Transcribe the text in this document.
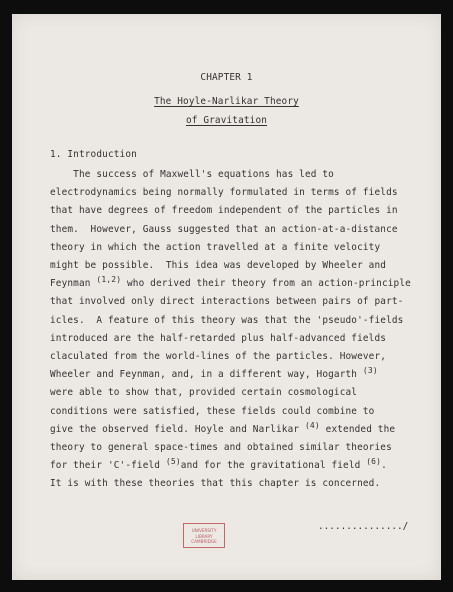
CHAPTER 1
The Hoyle-Narlikar Theory
of Gravitation
1. Introduction
The success of Maxwell's equations has led to
electrodynamics being normally formulated in terms of fields
that have degrees of freedom independent of the particles in
them.  However, Gauss suggested that an action-at-a-distance
theory in which the action travelled at a finite velocity
might be possible.  This idea was developed by Wheeler and
Feynman $^{(1,2)}$ who derived their theory from an action-principle
that involved only direct interactions between pairs of part-
icles.  A feature of this theory was that the 'pseudo'-fields
introduced are the half-retarded plus half-advanced fields
claculated from the world-lines of the particles. However,
Wheeler and Feynman, and, in a different way, Hogarth $^{(3)}$
were able to show that, provided certain cosmological
conditions were satisfied, these fields could combine to
give the observed field. Hoyle and Narlikar $^{(4)}$ extended the
theory to general space-times and obtained similar theories
for their 'C'-field $^{(5)}$and for the gravitational field $^{(6)}$.
It is with these theories that this chapter is concerned.
UNIVERSITY LIBRARY CAMBRIDGE
.............../
